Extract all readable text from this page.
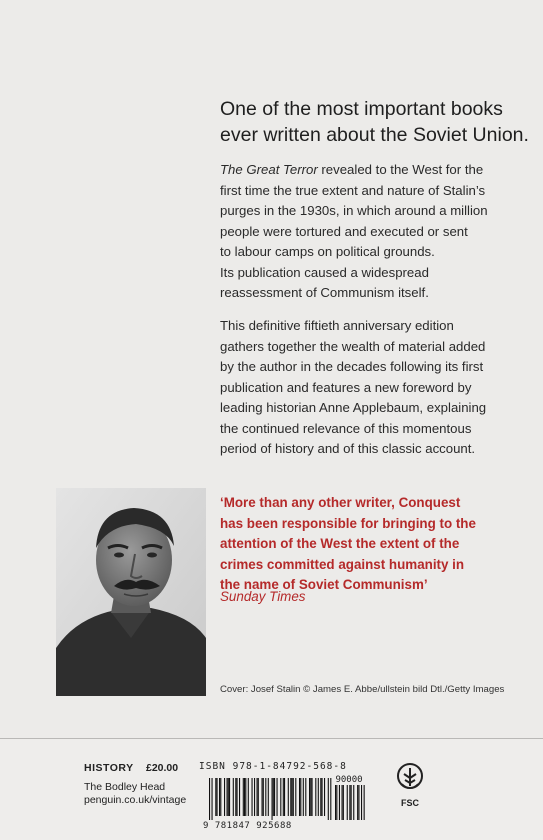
One of the most important books
ever written about the Soviet Union.
The Great Terror revealed to the West for the
first time the true extent and nature of Stalin’s
purges in the 1930s, in which around a million
people were tortured and executed or sent
to labour camps on political grounds.
Its publication caused a widespread
reassessment of Communism itself.
This definitive fiftieth anniversary edition
gathers together the wealth of material added
by the author in the decades following its first
publication and features a new foreword by
leading historian Anne Applebaum, explaining
the continued relevance of this momentous
period of history and of this classic account.
‘More than any other writer, Conquest
has been responsible for bringing to the
attention of the West the extent of the
crimes committed against humanity in
the name of Soviet Communism’
Sunday Times
Cover: Josef Stalin © James E. Abbe/ullstein bild Dtl./Getty Images
HISTORY £20.00
The Bodley Head
penguin.co.uk/vintage
ISBN 978-1-84792-568-8
90000
9 781847 925688
FSC
